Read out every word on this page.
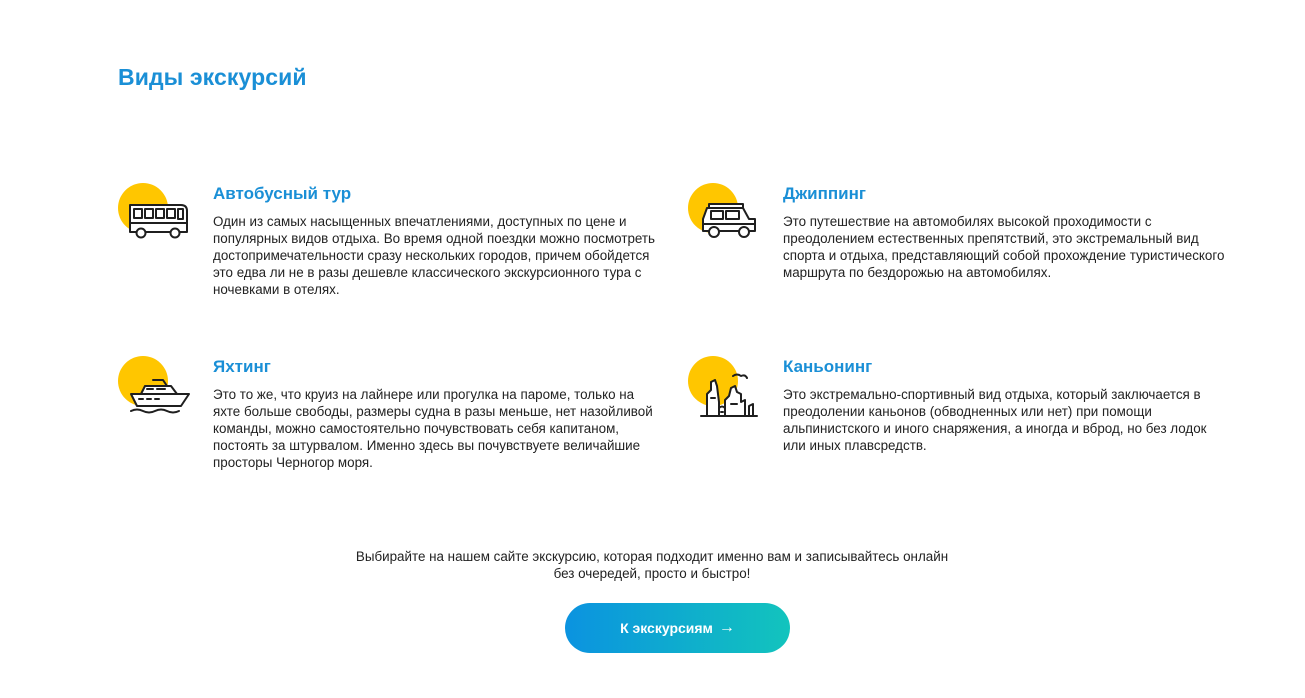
Виды экскурсий
Автобусный тур

Один из самых насыщенных впечатлениями, доступных по цене и популярных видов отдыха. Во время одной поездки можно посмотреть достопримечательности сразу нескольких городов, причем обойдется это едва ли не в разы дешевле классического экскурсионного тура с ночевками в отелях.

Джиппинг

Это путешествие на автомобилях высокой проходимости с преодолением естественных препятствий, это экстремальный вид спорта и отдыха, представляющий собой прохождение туристического маршрута по бездорожью на автомобилях.

Яхтинг

Это то же, что круиз на лайнере или прогулка на пароме, только на яхте больше свободы, размеры судна в разы меньше, нет назойливой команды, можно самостоятельно почувствовать себя капитаном, постоять за штурвалом. Именно здесь вы почувствуете величайшие просторы Черногор моря.

Каньонинг

Это экстремально-спортивный вид отдыха, который заключается в преодолении каньонов (обводненных или нет) при помощи альпинистского и иного снаряжения, а иногда и вброд, но без лодок или иных плавсредств.

Выбирайте на нашем сайте экскурсию, которая подходит именно вам и записывайтесь онлайн без очередей, просто и быстро!

К экскурсиям →
